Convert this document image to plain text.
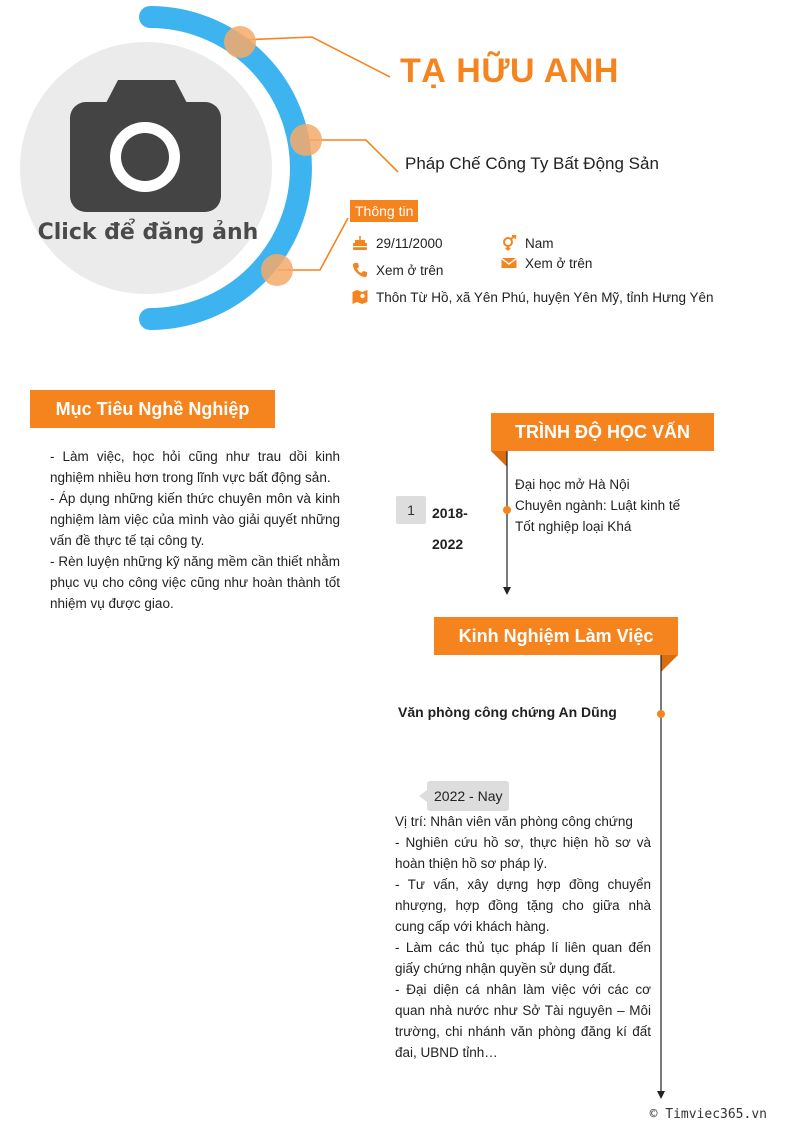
TẠ HỮU ANH
Pháp Chế Công Ty Bất Động Sản
Click để đăng ảnh
Thông tin
29/11/2000	Nam
Xem ở trên	Xem ở trên
Thôn Từ Hồ, xã Yên Phú, huyện Yên Mỹ, tỉnh Hưng Yên
Mục Tiêu Nghề Nghiệp

- Làm việc, học hỏi cũng như trau dồi kinh nghiệm nhiều hơn trong lĩnh vực bất động sản.

- Áp dụng những kiến thức chuyên môn và kinh nghiệm làm việc của mình vào giải quyết những vấn đề thực tế tại công ty.

- Rèn luyện những kỹ năng mềm cần thiết nhằm phục vụ cho công việc cũng như hoàn thành tốt nhiệm vụ được giao.

TRÌNH ĐỘ HỌC VẤN
1	2018-
2022
Đại học mở Hà Nội
Chuyên ngành: Luật kinh tế
Tốt nghiệp loại Khá
Kinh Nghiệm Làm Việc
Văn phòng công chứng An Dũng
2022 - Nay

Vị trí: Nhân viên văn phòng công chứng

- Nghiên cứu hồ sơ, thực hiện hồ sơ và hoàn thiện hồ sơ pháp lý.

- Tư vấn, xây dựng hợp đồng chuyển nhượng, hợp đồng tặng cho giữa nhà cung cấp với khách hàng.

- Làm các thủ tục pháp lí liên quan đến giấy chứng nhận quyền sử dụng đất.

- Đại diện cá nhân làm việc với các cơ quan nhà nước như Sở Tài nguyên – Môi trường, chi nhánh văn phòng đăng kí đất đai, UBND tỉnh…

© Timviec365.vn
